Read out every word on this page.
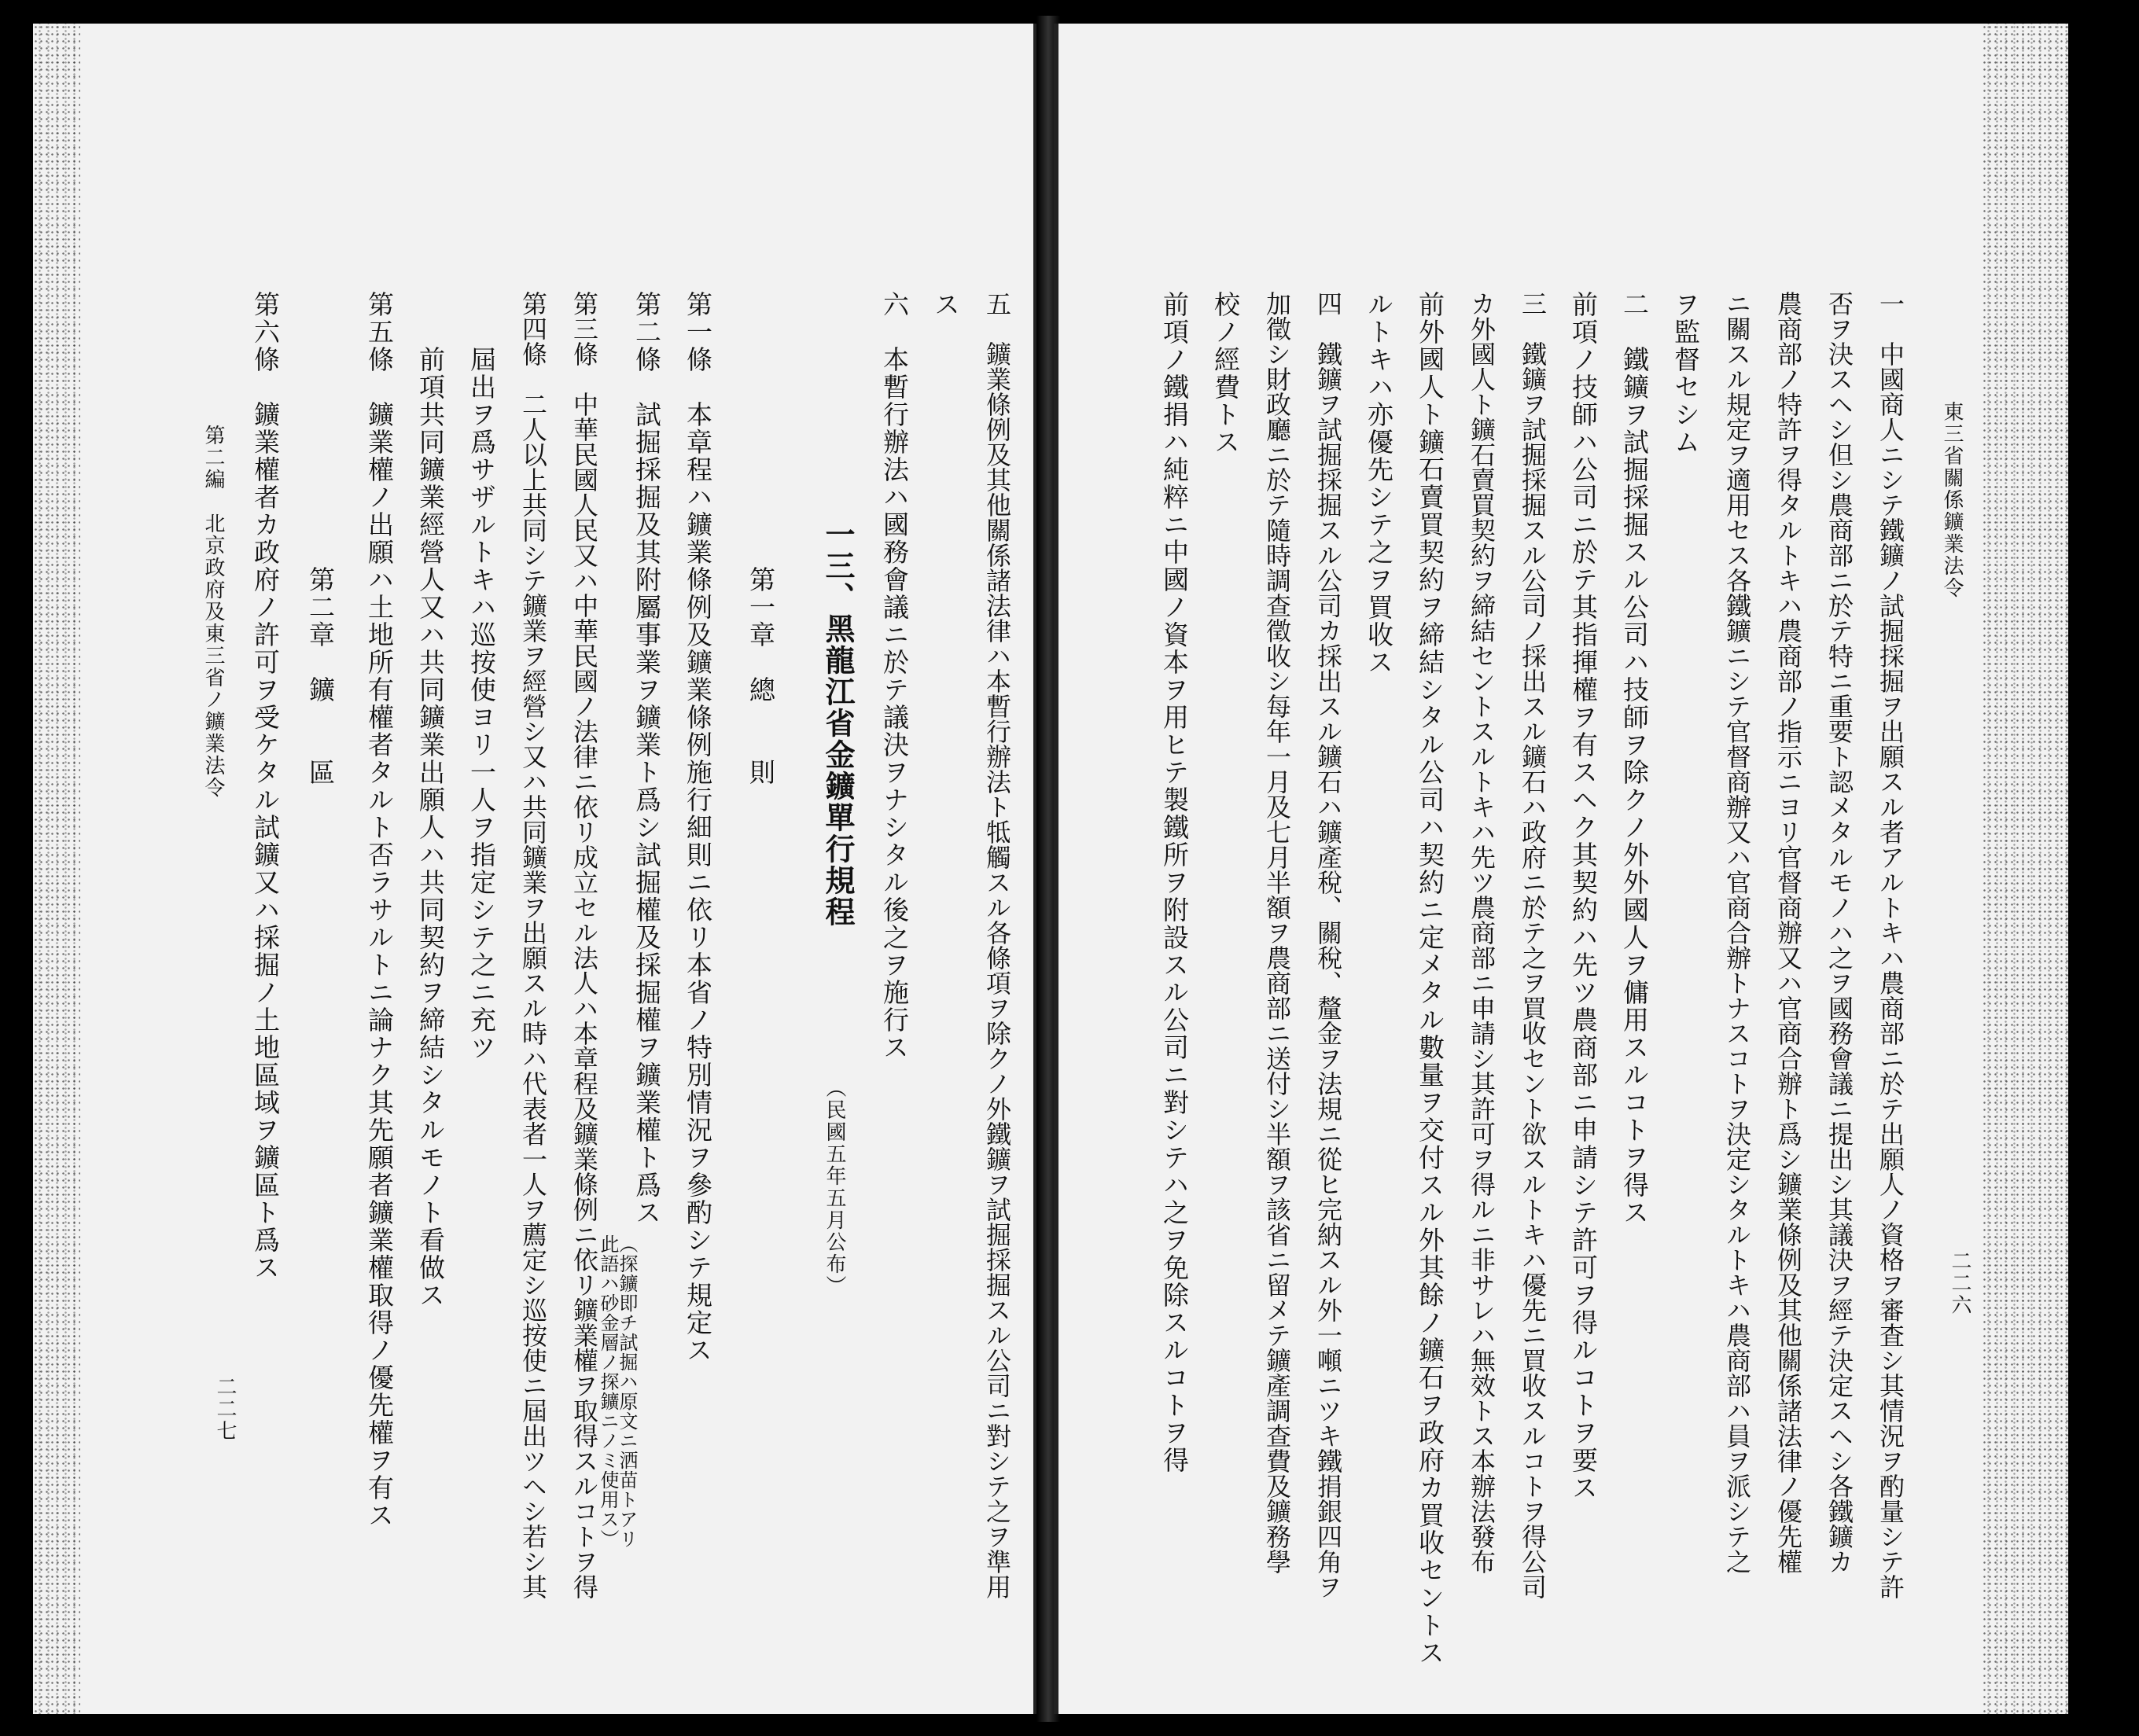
五　鑛業條例及其他關係諸法律ハ本暫行辦法ト牴觸スル各條項ヲ除クノ外鐵鑛ヲ試掘採掘スル公司ニ對シテ之ヲ準用
ス
六　本暫行辦法ハ國務會議ニ於テ議決ヲナシタル後之ヲ施行ス
一三、黑龍江省金鑛單行規程
（民國五年五月公布）
第一章　總　　則
第一條　本章程ハ鑛業條例及鑛業條例施行細則ニ依リ本省ノ特別情況ヲ參酌シテ規定ス
第二條　試掘採掘及其附屬事業ヲ鑛業ト爲シ試掘權及採掘權ヲ鑛業權ト爲ス
（探鑛即チ試掘ハ原文ニ洒苗トアリ此語ハ砂金層ノ探鑛ニノミ使用ス）
第三條　中華民國人民又ハ中華民國ノ法律ニ依リ成立セル法人ハ本章程及鑛業條例ニ依リ鑛業權ヲ取得スルコトヲ得
第四條　二人以上共同シテ鑛業ヲ經營シ又ハ共同鑛業ヲ出願スル時ハ代表者一人ヲ薦定シ巡按使ニ屆出ツヘシ若シ其
　　屆出ヲ爲サザルトキハ巡按使ヨリ一人ヲ指定シテ之ニ充ツ
　　前項共同鑛業經營人又ハ共同鑛業出願人ハ共同契約ヲ締結シタルモノト看做ス
第五條　鑛業權ノ出願ハ土地所有權者タルト否ラサルトニ論ナク其先願者鑛業權取得ノ優先權ヲ有ス
第二章　鑛　　區
第六條　鑛業權者カ政府ノ許可ヲ受ケタル試鑛又ハ採掘ノ土地區域ヲ鑛區ト爲ス
第二編　北京政府及東三省ノ鑛業法令
二二七
東三省關係鑛業法令
二二六
一　中國商人ニシテ鐵鑛ノ試掘採掘ヲ出願スル者アルトキハ農商部ニ於テ出願人ノ資格ヲ審査シ其情況ヲ酌量シテ許
否ヲ決スヘシ但シ農商部ニ於テ特ニ重要ト認メタルモノハ之ヲ國務會議ニ提出シ其議決ヲ經テ決定スヘシ各鐵鑛カ
農商部ノ特許ヲ得タルトキハ農商部ノ指示ニヨリ官督商辦又ハ官商合辦ト爲シ鑛業條例及其他關係諸法律ノ優先權
ニ關スル規定ヲ適用セス各鐵鑛ニシテ官督商辦又ハ官商合辦トナスコトヲ決定シタルトキハ農商部ハ員ヲ派シテ之
ヲ監督セシム
二　鐵鑛ヲ試掘採掘スル公司ハ技師ヲ除クノ外外國人ヲ傭用スルコトヲ得ス
前項ノ技師ハ公司ニ於テ其指揮權ヲ有スヘク其契約ハ先ツ農商部ニ申請シテ許可ヲ得ルコトヲ要ス
三　鐵鑛ヲ試掘採掘スル公司ノ採出スル鑛石ハ政府ニ於テ之ヲ買收セント欲スルトキハ優先ニ買收スルコトヲ得公司
カ外國人ト鑛石賣買契約ヲ締結セントスルトキハ先ツ農商部ニ申請シ其許可ヲ得ルニ非サレハ無效トス本辦法發布
前外國人ト鑛石賣買契約ヲ締結シタル公司ハ契約ニ定メタル數量ヲ交付スル外其餘ノ鑛石ヲ政府カ買收セントス
ルトキハ亦優先シテ之ヲ買收ス
四　鐵鑛ヲ試掘採掘スル公司カ採出スル鑛石ハ鑛產稅、關稅、釐金ヲ法規ニ從ヒ完納スル外一噸ニツキ鐵捐銀四角ヲ
加徵シ財政廳ニ於テ隨時調查徵收シ每年一月及七月半額ヲ農商部ニ送付シ半額ヲ該省ニ留メテ鑛產調查費及鑛務學
校ノ經費トス
前項ノ鐵捐ハ純粹ニ中國ノ資本ヲ用ヒテ製鐵所ヲ附設スル公司ニ對シテハ之ヲ免除スルコトヲ得
